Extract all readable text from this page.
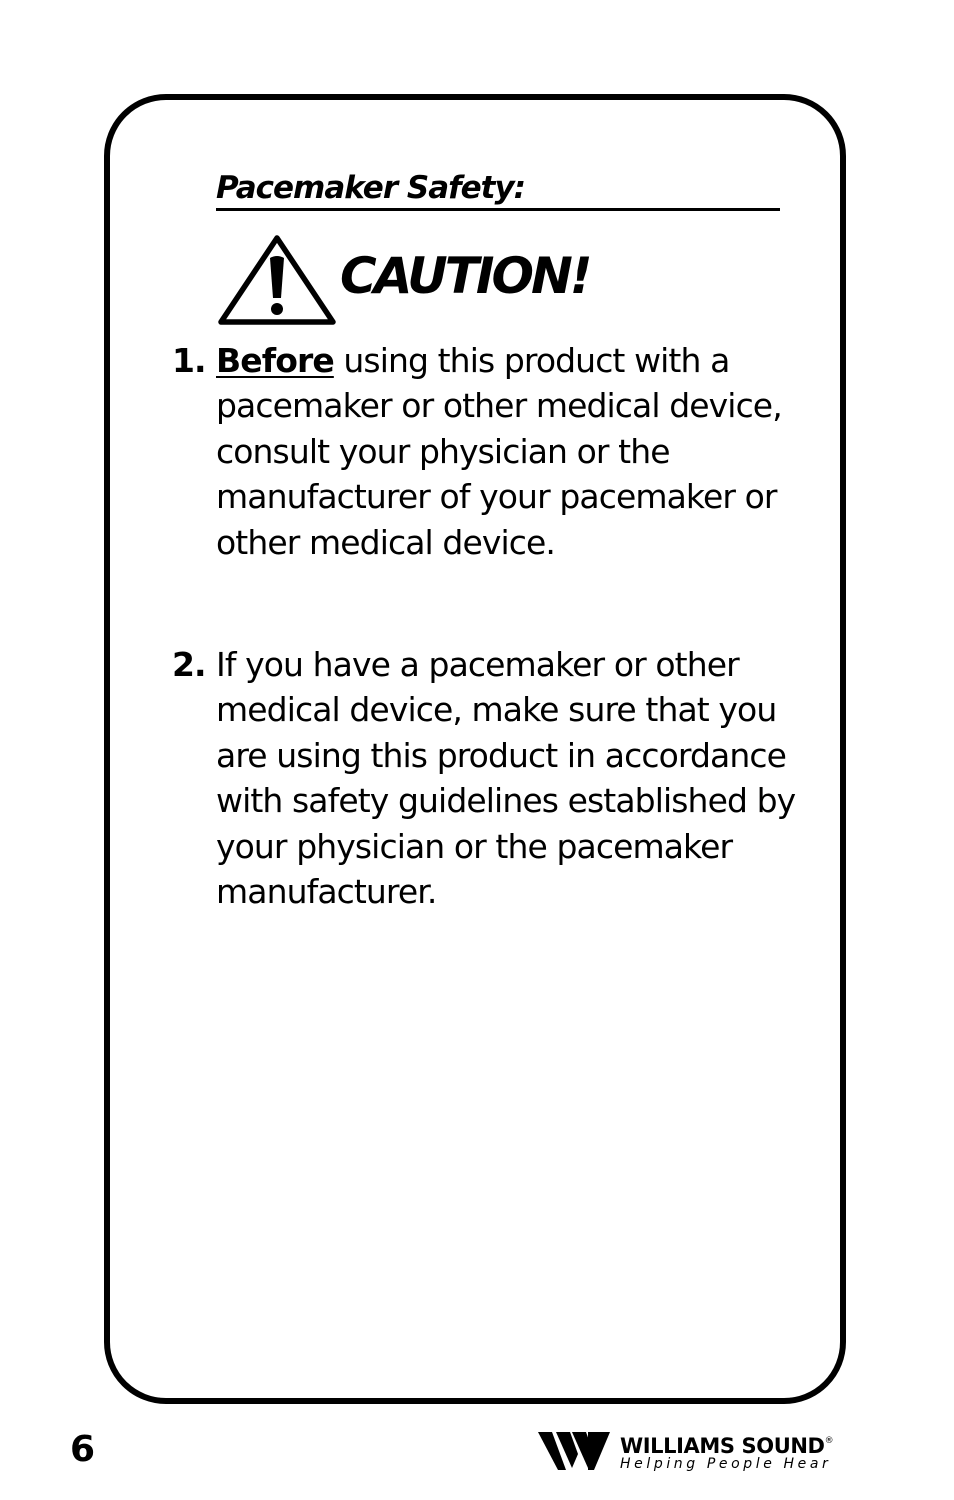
Pacemaker Safety:
CAUTION!
1. Before using this product with a pacemaker or other medical device, consult your physician or the manufacturer of your pacemaker or other medical device.
2. If you have a pacemaker or other medical device, make sure that you are using this product in accordance with safety guidelines established by your physician or the pacemaker manufacturer.
6	WILLIAMS SOUND®
Helping People Hear
